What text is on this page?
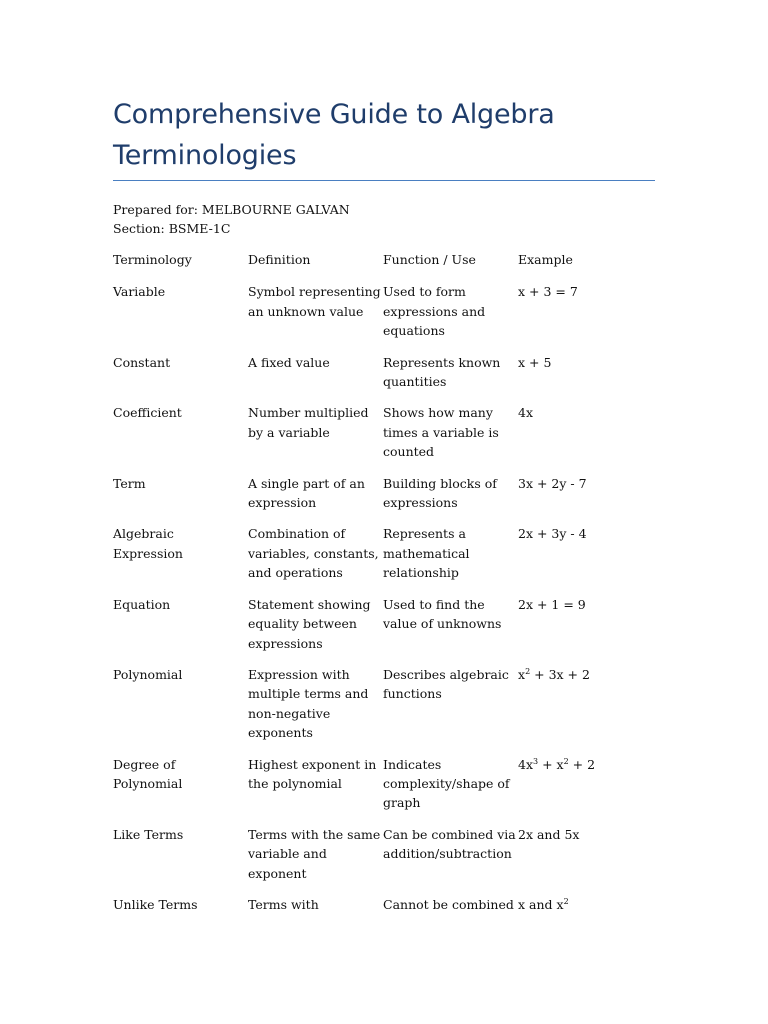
Comprehensive Guide to Algebra Terminologies
Prepared for: MELBOURNE GALVAN
Section: BSME-1C
Terminology	Definition	Function / Use	Example
Variable	Symbol representing an unknown value	Used to form expressions and equations	x + 3 = 7
Constant	A fixed value	Represents known quantities	x + 5
Coefficient	Number multiplied by a variable	Shows how many times a variable is counted	4x
Term	A single part of an expression	Building blocks of expressions	3x + 2y - 7
Algebraic Expression	Combination of variables, constants, and operations	Represents a mathematical relationship	2x + 3y - 4
Equation	Statement showing equality between expressions	Used to find the value of unknowns	2x + 1 = 9
Polynomial	Expression with multiple terms and non-negative exponents	Describes algebraic functions	$x^2 + 3x + 2$
Degree of Polynomial	Highest exponent in the polynomial	Indicates complexity/shape of graph	$4x^3 + x^2 + 2$
Like Terms	Terms with the same variable and exponent	Can be combined via addition/subtraction	2x and 5x
Unlike Terms	Terms with	Cannot be combined	x and $x^2$
